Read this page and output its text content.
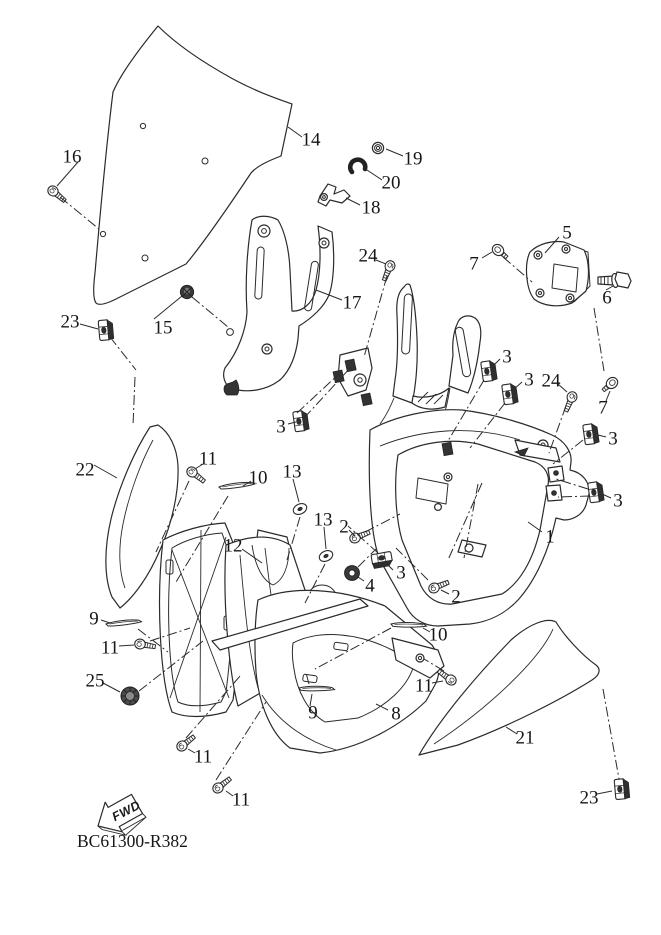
FWD
BC61300-R382
16
14
19
20
18
24
17
5
7
6
23	15
3
22
11
10 13
13
12
2
3
3 24
7
3
3
1
3
4
2
9
11
25
9
10
11
11
11
8
21
23
